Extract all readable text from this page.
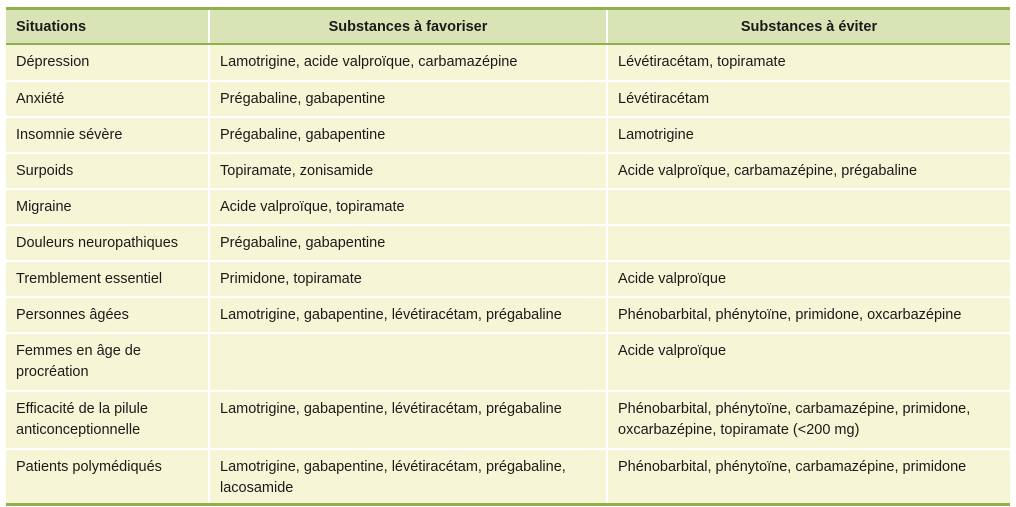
Situations	Substances à favoriser	Substances à éviter
Dépression	Lamotrigine, acide valproïque, carbamazépine	Lévétiracétam, topiramate
Anxiété	Prégabaline, gabapentine	Lévétiracétam
Insomnie sévère	Prégabaline, gabapentine	Lamotrigine
Surpoids	Topiramate, zonisamide	Acide valproïque, carbamazépine, prégabaline
Migraine	Acide valproïque, topiramate	
Douleurs neuropathiques	Prégabaline, gabapentine	
Tremblement essentiel	Primidone, topiramate	Acide valproïque
Personnes âgées	Lamotrigine, gabapentine, lévétiracétam, prégabaline	Phénobarbital, phénytoïne, primidone, oxcarbazépine
Femmes en âge de procréation		Acide valproïque
Efficacité de la pilule anticonceptionnelle	Lamotrigine, gabapentine, lévétiracétam, prégabaline	Phénobarbital, phénytoïne, carbamazépine, primidone, oxcarbazépine, topiramate (<200 mg)
Patients polymédiqués	Lamotrigine, gabapentine, lévétiracétam, prégabaline, lacosamide	Phénobarbital, phénytoïne, carbamazépine, primidone
